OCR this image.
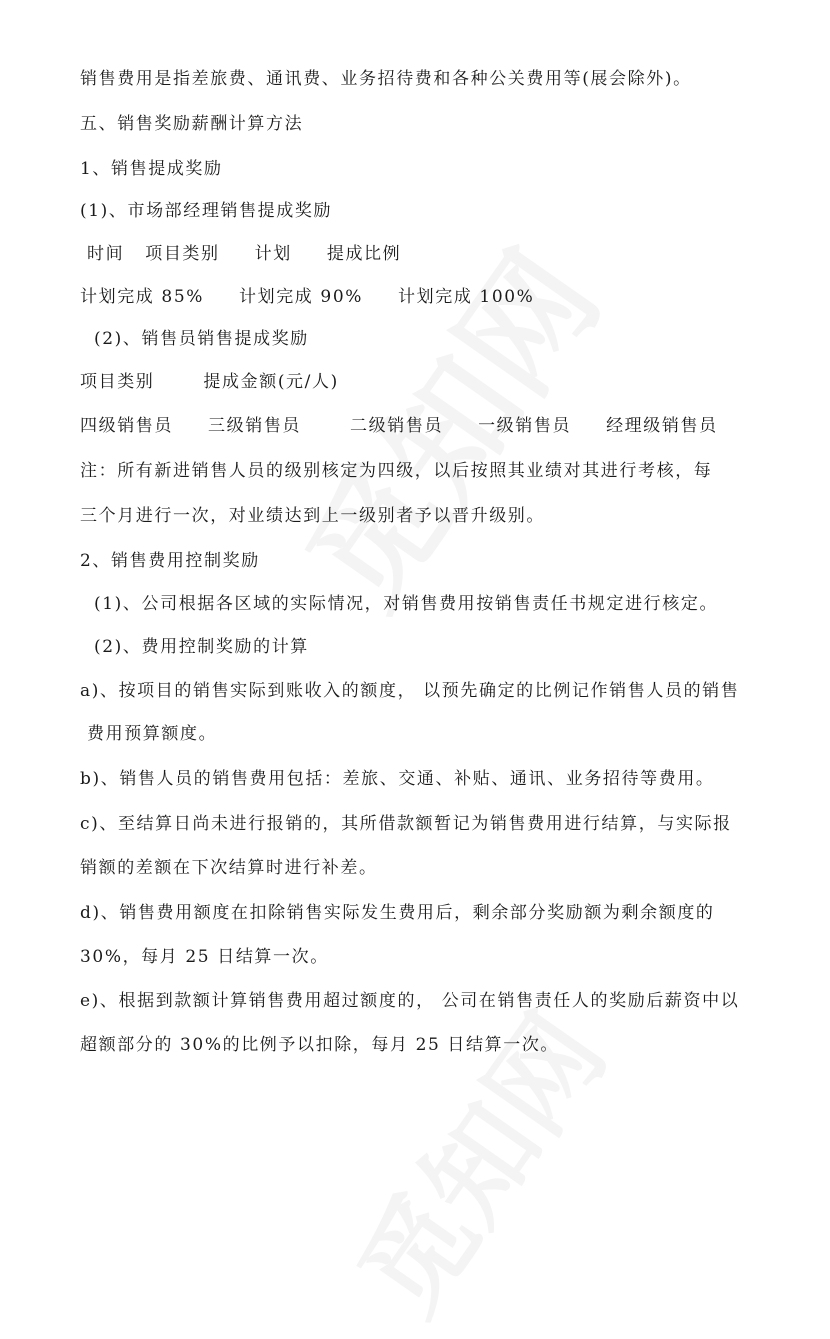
销售费用是指差旅费、通讯费、业务招待费和各种公关费用等(展会除外)。
五、销售奖励薪酬计算方法
1、销售提成奖励
(1)、市场部经理销售提成奖励
时间   项目类别     计划     提成比例
计划完成 85%     计划完成 90%     计划完成 100%
(2)、销售员销售提成奖励
项目类别       提成金额(元/人)
四级销售员     三级销售员       二级销售员     一级销售员     经理级销售员
注：所有新进销售人员的级别核定为四级，以后按照其业绩对其进行考核，每
三个月进行一次，对业绩达到上一级别者予以晋升级别。
2、销售费用控制奖励
(1)、公司根据各区域的实际情况，对销售费用按销售责任书规定进行核定。
(2)、费用控制奖励的计算
a)、按项目的销售实际到账收入的额度， 以预先确定的比例记作销售人员的销售
费用预算额度。
b)、销售人员的销售费用包括：差旅、交通、补贴、通讯、业务招待等费用。
c)、至结算日尚未进行报销的，其所借款额暂记为销售费用进行结算，与实际报
销额的差额在下次结算时进行补差。
d)、销售费用额度在扣除销售实际发生费用后，剩余部分奖励额为剩余额度的
30%，每月 25 日结算一次。
e)、根据到款额计算销售费用超过额度的， 公司在销售责任人的奖励后薪资中以
超额部分的 30%的比例予以扣除，每月 25 日结算一次。
